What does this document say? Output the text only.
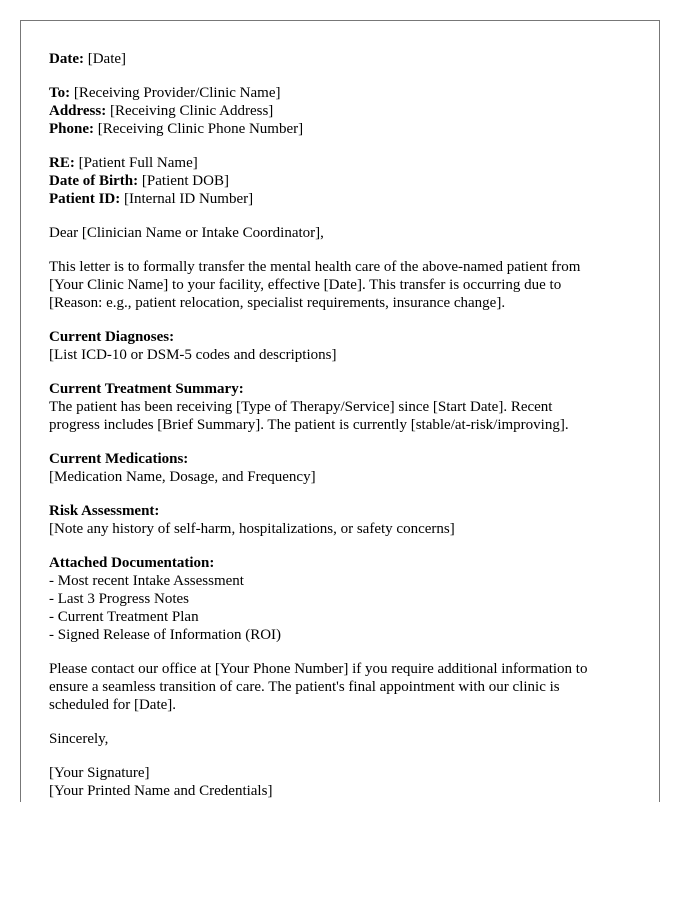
Date: [Date]
To: [Receiving Provider/Clinic Name]
Address: [Receiving Clinic Address]
Phone: [Receiving Clinic Phone Number]
RE: [Patient Full Name]
Date of Birth: [Patient DOB]
Patient ID: [Internal ID Number]
Dear [Clinician Name or Intake Coordinator],
This letter is to formally transfer the mental health care of the above-named patient from
[Your Clinic Name] to your facility, effective [Date]. This transfer is occurring due to
[Reason: e.g., patient relocation, specialist requirements, insurance change].
Current Diagnoses:
[List ICD-10 or DSM-5 codes and descriptions]
Current Treatment Summary:
The patient has been receiving [Type of Therapy/Service] since [Start Date]. Recent
progress includes [Brief Summary]. The patient is currently [stable/at-risk/improving].
Current Medications:
[Medication Name, Dosage, and Frequency]
Risk Assessment:
[Note any history of self-harm, hospitalizations, or safety concerns]
Attached Documentation:
- Most recent Intake Assessment
- Last 3 Progress Notes
- Current Treatment Plan
- Signed Release of Information (ROI)
Please contact our office at [Your Phone Number] if you require additional information to
ensure a seamless transition of care. The patient's final appointment with our clinic is
scheduled for [Date].
Sincerely,
[Your Signature]
[Your Printed Name and Credentials]
